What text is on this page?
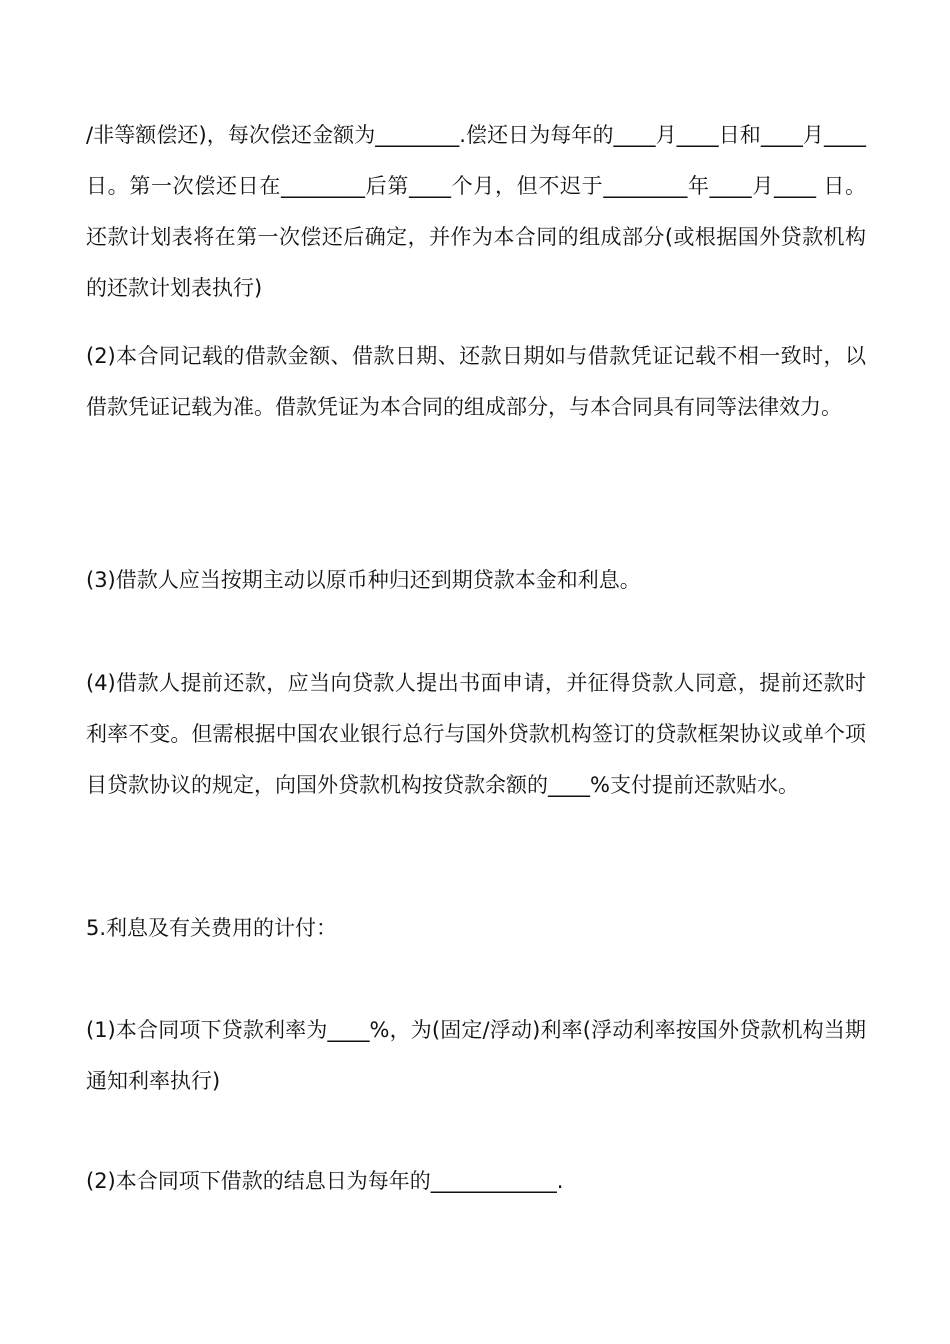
/非等额偿还)，每次偿还金额为________.偿还日为每年的____月____日和____月____日。第一次偿还日在________后第____个月，但不迟于________年____月____ 日。还款计划表将在第一次偿还后确定，并作为本合同的组成部分(或根据国外贷款机构的还款计划表执行)

(2)本合同记载的借款金额、借款日期、还款日期如与借款凭证记载不相一致时，以借款凭证记载为准。借款凭证为本合同的组成部分，与本合同具有同等法律效力。

(3)借款人应当按期主动以原币种归还到期贷款本金和利息。

(4)借款人提前还款，应当向贷款人提出书面申请，并征得贷款人同意，提前还款时利率不变。但需根据中国农业银行总行与国外贷款机构签订的贷款框架协议或单个项目贷款协议的规定，向国外贷款机构按贷款余额的____%支付提前还款贴水。

5.利息及有关费用的计付：

(1)本合同项下贷款利率为____%，为(固定/浮动)利率(浮动利率按国外贷款机构当期通知利率执行)

(2)本合同项下借款的结息日为每年的____________.
